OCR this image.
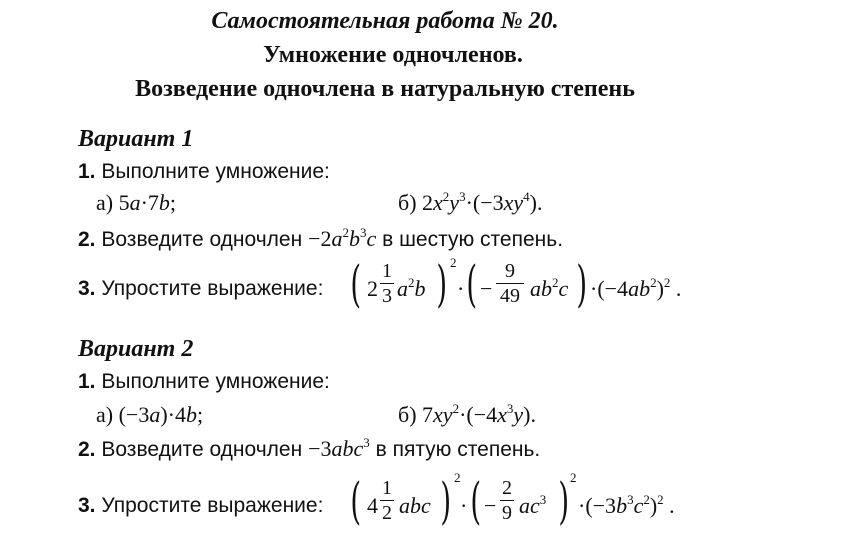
Самостоятельная работа № 20.
Умножение одночленов.
Возведение одночлена в натуральную степень
Вариант 1
1. Выполните умножение:
а) 5a·7b;	б) $2x^2y^3\cdot(-3xy^4)$.
2. Возведите одночлен $-2a^2b^3c$ в шестую степень.
3. Упростите выражение: ( 2
1
3 $a^2b$ ) 2
· ( −
9
49 $ab^2c$ ) $\cdot(-4ab^2)^2$ .
Вариант 2
1. Выполните умножение:
а) (−3a)·4b;	б) $7xy^2\cdot(-4x^3y)$.
2. Возведите одночлен −3abc$^3$ в пятую степень.
3. Упростите выражение: ( 4
1
2 abc ) 2
· ( −
2
9 $ac^3$ ) 2
$\cdot(-3b^3c^2)^2$ .
